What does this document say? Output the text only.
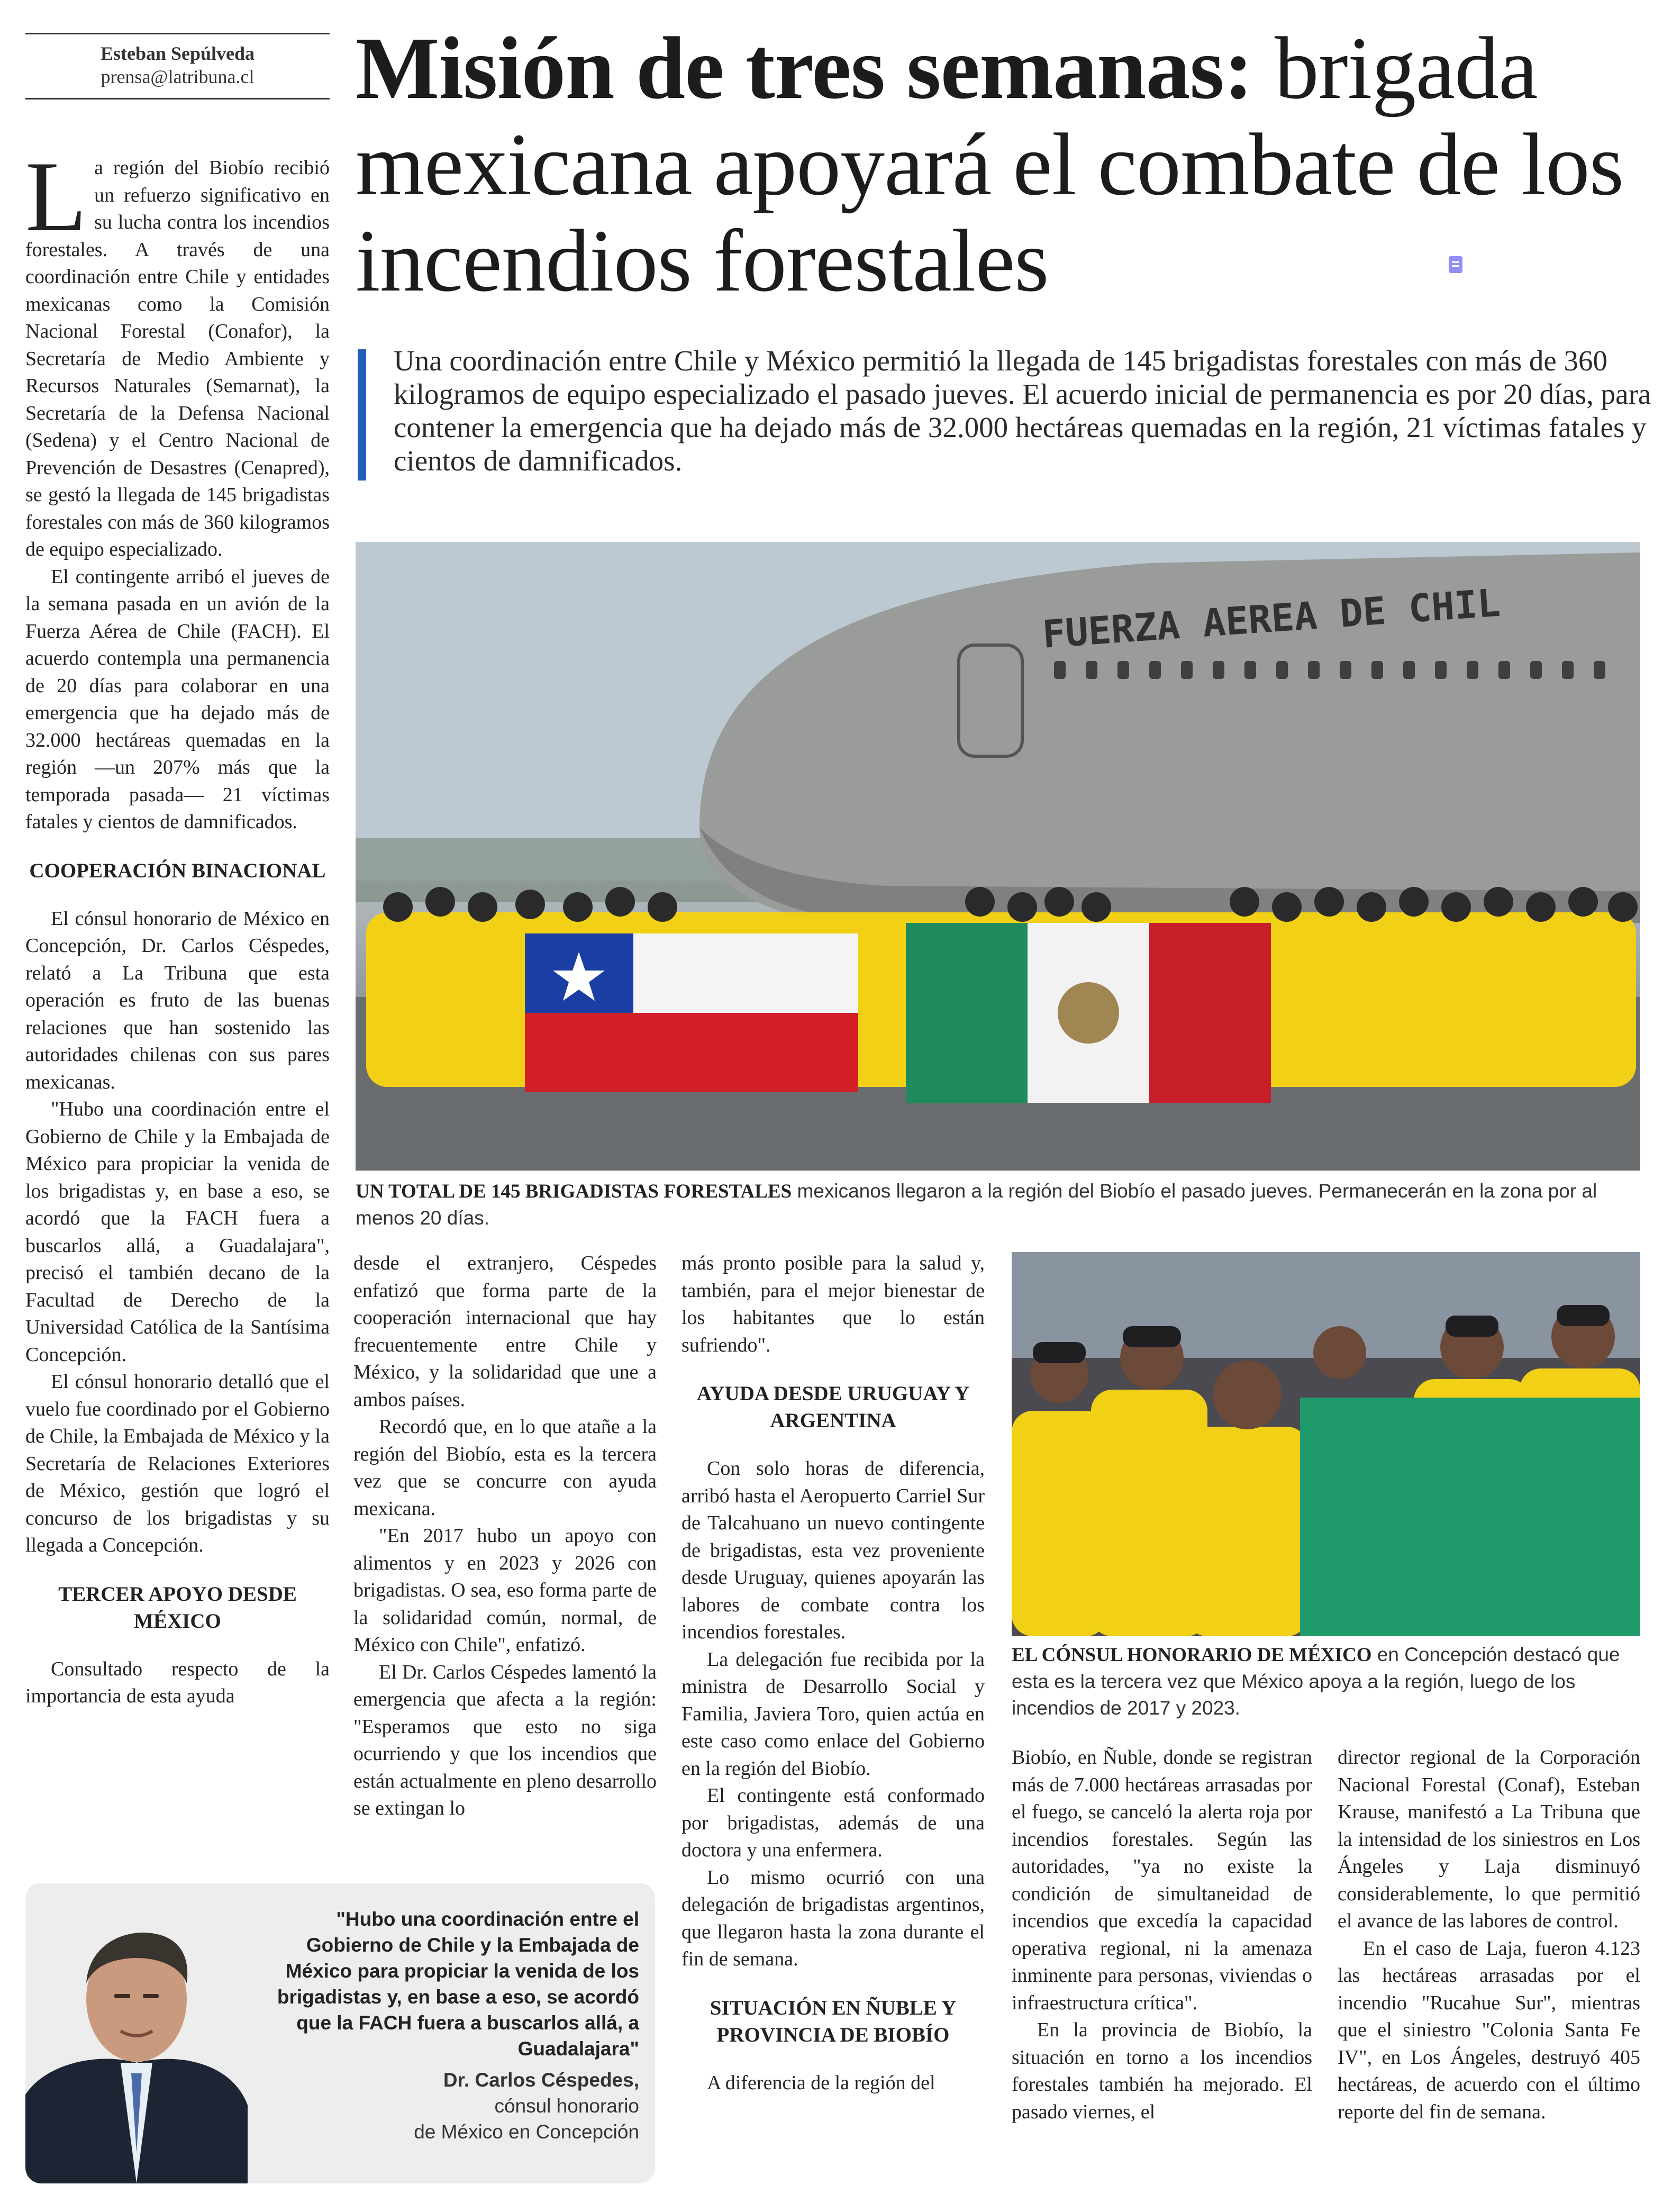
Esteban Sepúlveda
prensa@latribuna.cl	Misión de tres semanas: brigada mexicana apoyará el combate de los incendios forestales
Una coordinación entre Chile y México permitió la llegada de 145 brigadistas forestales con más de 360 kilogramos de equipo especializado el pasado jueves. El acuerdo inicial de permanencia es por 20 días, para contener la emergencia que ha dejado más de 32.000 hectáreas quemadas en la región, 21 víctimas fatales y cientos de damnificados.

La región del Biobío recibió un refuerzo significativo en su lucha contra los incendios forestales. A través de una coordinación entre Chile y entidades mexicanas como la Comisión Nacional Forestal (Conafor), la Secretaría de Medio Ambiente y Recursos Naturales (Semarnat), la Secretaría de la Defensa Nacional (Sedena) y el Centro Nacional de Prevención de Desastres (Cenapred), se gestó la llegada de 145 brigadistas forestales con más de 360 kilogramos de equipo especializado.

El contingente arribó el jueves de la semana pasada en un avión de la Fuerza Aérea de Chile (FACH). El acuerdo contempla una permanencia de 20 días para colaborar en una emergencia que ha dejado más de 32.000 hectáreas quemadas en la región —un 207% más que la temporada pasada— 21 víctimas fatales y cientos de damnificados.

COOPERACIÓN BINACIONAL

El cónsul honorario de México en Concepción, Dr. Carlos Céspedes, relató a La Tribuna que esta operación es fruto de las buenas relaciones que han sostenido las autoridades chilenas con sus pares mexicanas.

"Hubo una coordinación entre el Gobierno de Chile y la Embajada de México para propiciar la venida de los brigadistas y, en base a eso, se acordó que la FACH fuera a buscarlos allá, a Guadalajara", precisó el también decano de la Facultad de Derecho de la Universidad Católica de la Santísima Concepción.

El cónsul honorario detalló que el vuelo fue coordinado por el Gobierno de Chile, la Embajada de México y la Secretaría de Relaciones Exteriores de México, gestión que logró el concurso de los brigadistas y su llegada a Concepción.

TERCER APOYO DESDE MÉXICO

Consultado respecto de la importancia de esta ayuda

desde el extranjero, Céspedes enfatizó que forma parte de la cooperación internacional que hay frecuentemente entre Chile y México, y la solidaridad que une a ambos países.

Recordó que, en lo que atañe a la región del Biobío, esta es la tercera vez que se concurre con ayuda mexicana.

"En 2017 hubo un apoyo con alimentos y en 2023 y 2026 con brigadistas. O sea, eso forma parte de la solidaridad común, normal, de México con Chile", enfatizó.

El Dr. Carlos Céspedes lamentó la emergencia que afecta a la región: "Esperamos que esto no siga ocurriendo y que los incendios que están actualmente en pleno desarrollo se extingan lo

más pronto posible para la salud y, también, para el mejor bienestar de los habitantes que lo están sufriendo".

AYUDA DESDE URUGUAY Y ARGENTINA

Con solo horas de diferencia, arribó hasta el Aeropuerto Carriel Sur de Talcahuano un nuevo contingente de brigadistas, esta vez proveniente desde Uruguay, quienes apoyarán las labores de combate contra los incendios forestales.

La delegación fue recibida por la ministra de Desarrollo Social y Familia, Javiera Toro, quien actúa en este caso como enlace del Gobierno en la región del Biobío.

El contingente está conformado por brigadistas, además de una doctora y una enfermera.

Lo mismo ocurrió con una delegación de brigadistas argentinos, que llegaron hasta la zona durante el fin de semana.

SITUACIÓN EN ÑUBLE Y PROVINCIA DE BIOBÍO

A diferencia de la región del

Biobío, en Ñuble, donde se registran más de 7.000 hectáreas arrasadas por el fuego, se canceló la alerta roja por incendios forestales. Según las autoridades, "ya no existe la condición de simultaneidad de incendios que excedía la capacidad operativa regional, ni la amenaza inminente para personas, viviendas o infraestructura crítica".

En la provincia de Biobío, la situación en torno a los incendios forestales también ha mejorado. El pasado viernes, el

director regional de la Corporación Nacional Forestal (Conaf), Esteban Krause, manifestó a La Tribuna que la intensidad de los siniestros en Los Ángeles y Laja disminuyó considerablemente, lo que permitió el avance de las labores de control.

En el caso de Laja, fueron 4.123 las hectáreas arrasadas por el incendio "Rucahue Sur", mientras que el siniestro "Colonia Santa Fe IV", en Los Ángeles, destruyó 405 hectáreas, de acuerdo con el último reporte del fin de semana.

FUERZA AEREA DE CHIL
UN TOTAL DE 145 BRIGADISTAS FORESTALES mexicanos llegaron a la región del Biobío el pasado jueves. Permanecerán en la zona por al menos 20 días.
EL CÓNSUL HONORARIO DE MÉXICO en Concepción destacó que esta es la tercera vez que México apoya a la región, luego de los incendios de 2017 y 2023.
"Hubo una coordinación entre el Gobierno de Chile y la Embajada de México para propiciar la venida de los brigadistas y, en base a eso, se acordó que la FACH fuera a buscarlos allá, a Guadalajara"
Dr. Carlos Céspedes,
cónsul honorario
de México en Concepción
